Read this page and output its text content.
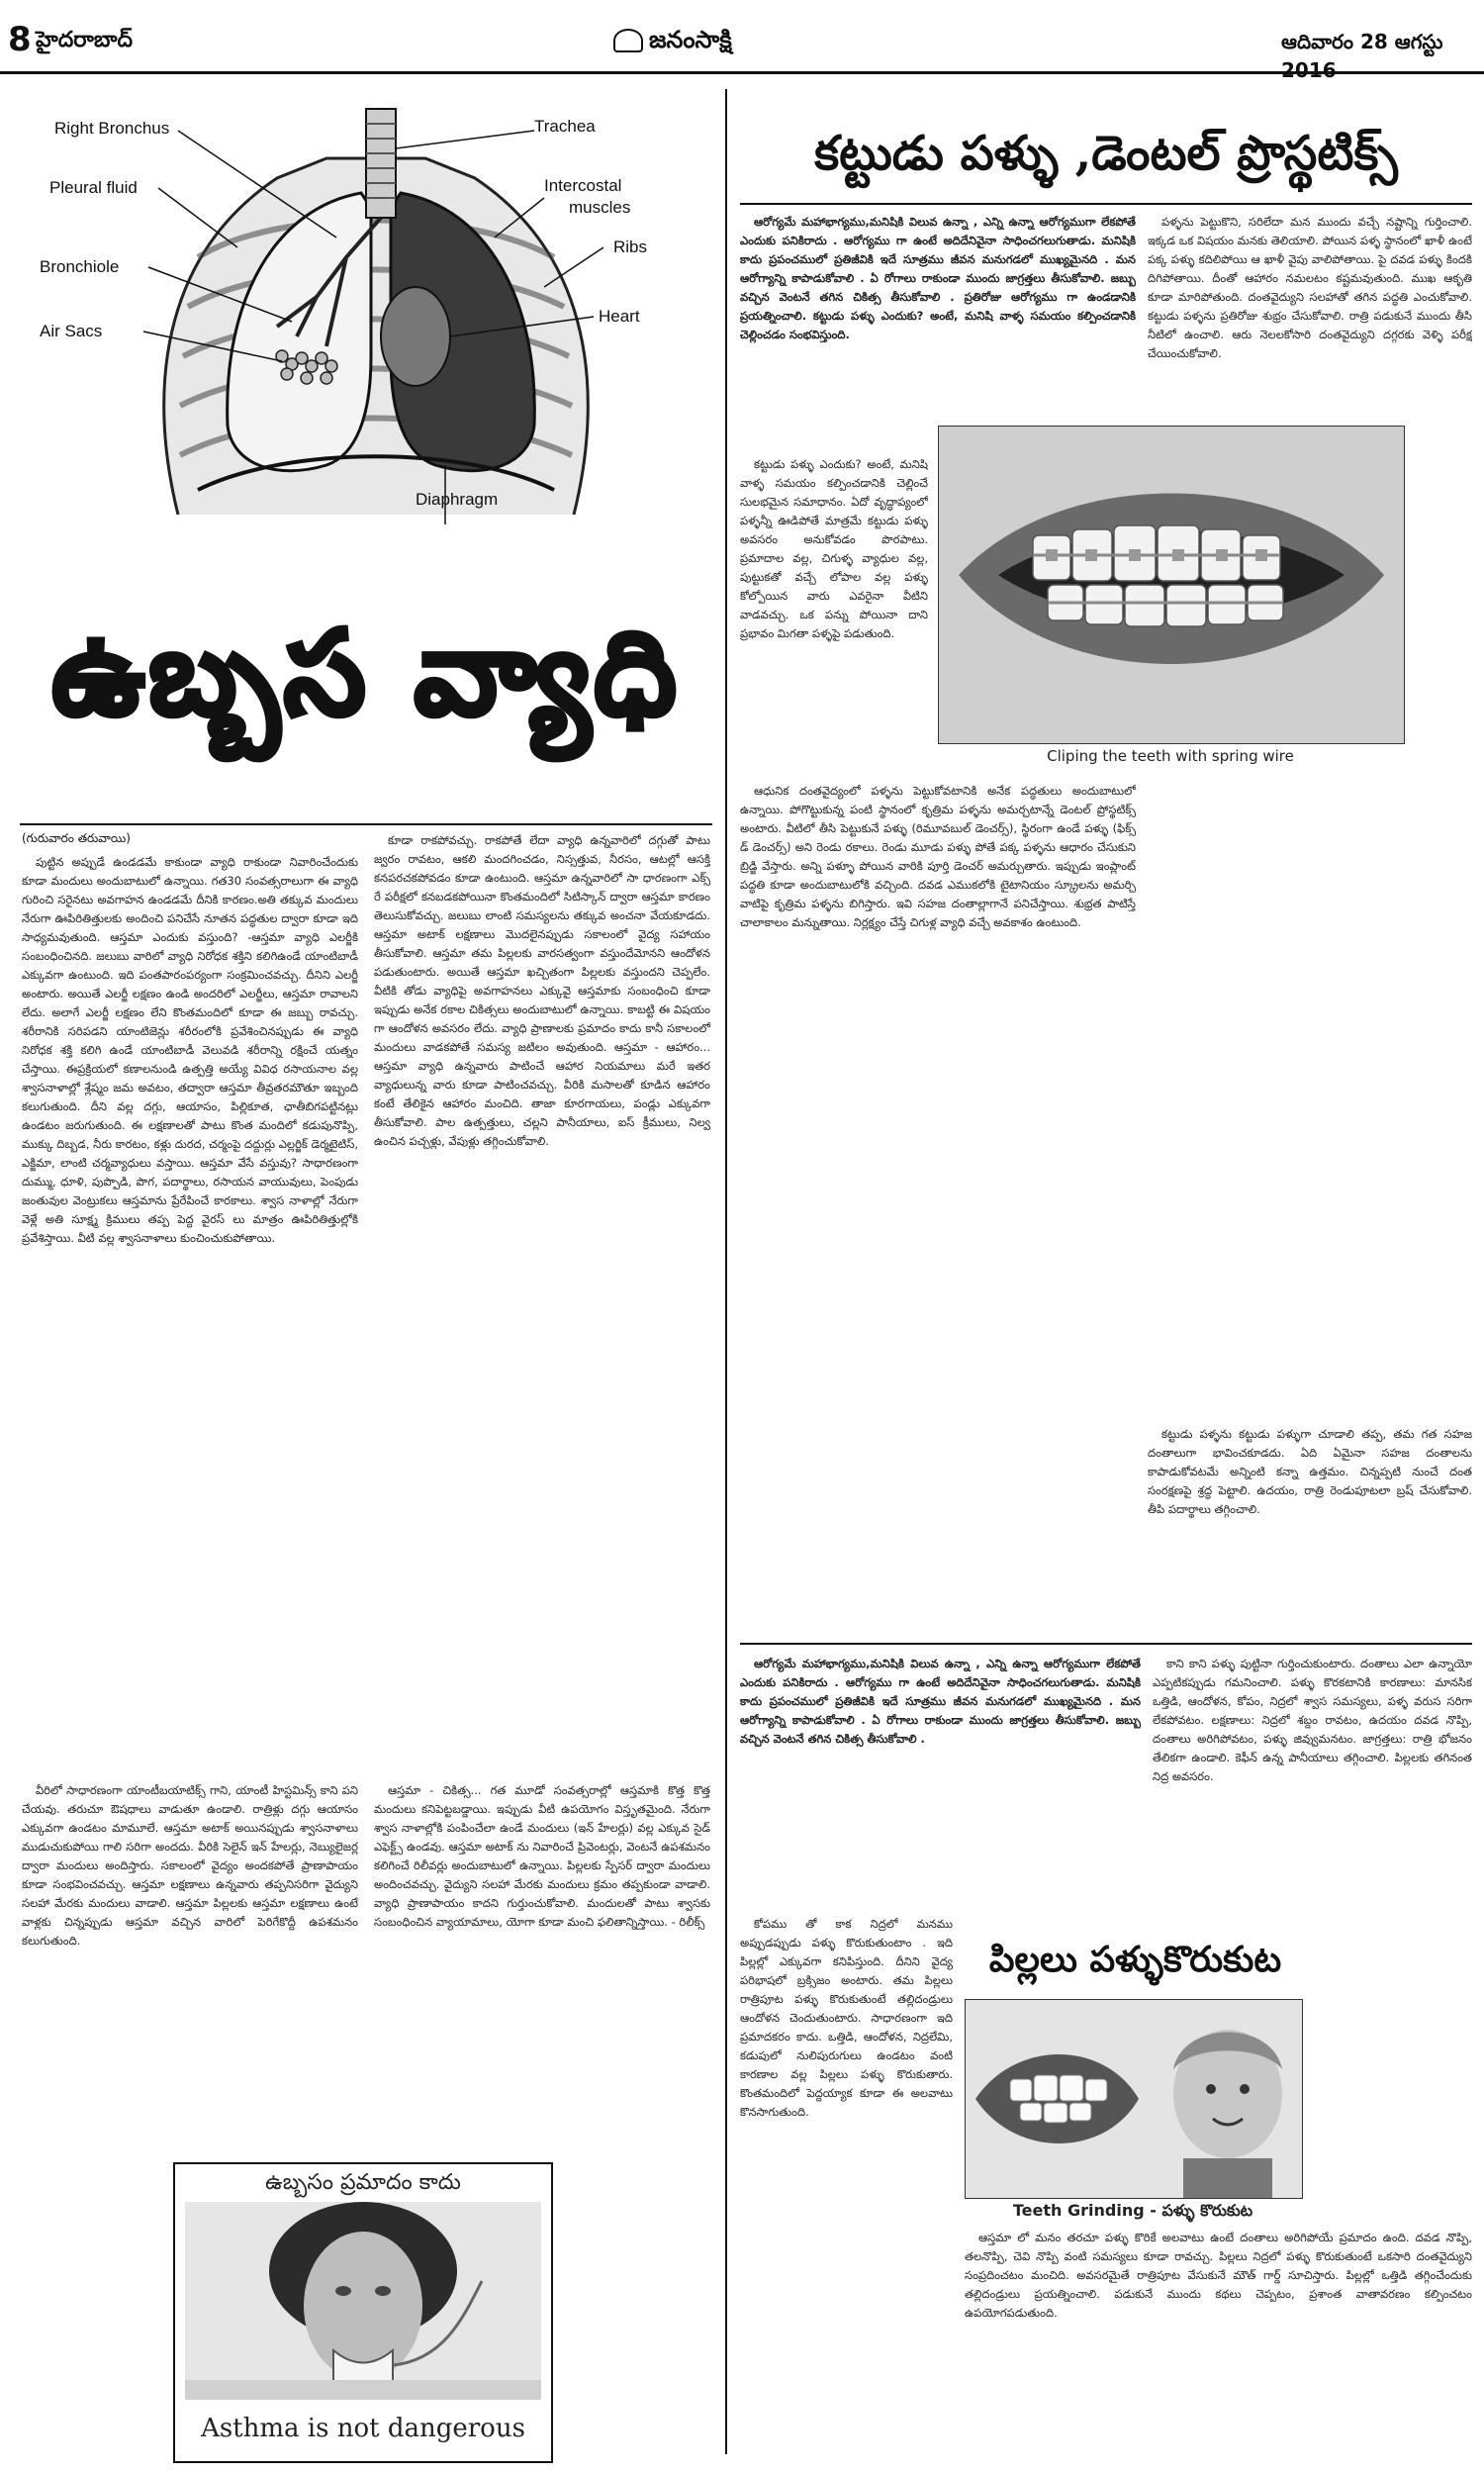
8 హైదరాబాద్	జనంసాక్షి	ఆదివారం 28 ఆగస్టు 2016
Right Bronchus	Trachea
Pleural fluid	Intercostal
muscles
Bronchiole
Ribs
Air Sacs
Heart
Diaphragm
ఉబ్బస వ్యాధి
(గురువారం తరువాయి)

పుట్టిన అప్పుడే ఉండడమే కాకుండా వ్యాధి రాకుండా నివారించేందుకు కూడా మందులు అందుబాటులో ఉన్నాయి. గత30 సంవత్సరాలుగా ఈ వ్యాధి గురించి సరైనటు అవగాహన ఉండడమే దీనికి కారణం.అతి తక్కువ మందులు నేరుగా ఊపిరితిత్తులకు అందించి పనిచేసే నూతన పద్ధతుల ద్వారా కూడా ఇది సాధ్యమవుతుంది. ఆస్తమా ఎందుకు వస్తుంది? -ఆస్తమా వ్యాధి ఎలర్జీకి సంబంధించినది. జలుబు వారిలో వ్యాధి నిరోధక శక్తిని కలిగిఉండే యాంటిబాడీ ఎక్కువగా ఉంటుంది. ఇది పంతపారంపర్యంగా సంక్రమించవచ్చు. దీనిని ఎలర్జీ అంటారు. అయితే ఎలర్జీ లక్షణం ఉండి అందరిలో ఎలర్జీలు, ఆస్తమా రావాలని లేదు. అలాగే ఎలర్జీ లక్షణం లేని కొంతమందిలో కూడా ఈ జబ్బు రావచ్చు. శరీరానికి సరిపడని యాంటిజెన్లు శరీరంలోకి ప్రవేశించినప్పుడు ఈ వ్యాధి నిరోధక శక్తి కలిగి ఉండే యాంటిబాడీ వెలువడి శరీరాన్ని రక్షించే యత్నం చేస్తాయి. ఈప్రక్రియలో కణాలనుండి ఉత్పత్తి అయ్యే వివిధ రసాయనాల వల్ల శ్వాసనాళాల్లో శ్లేష్మం జమ అవటం, తద్వారా ఆస్తమా తీవ్రతరమౌతూ ఇబ్బంది కలుగుతుంది. దీని వల్ల దగ్గు, ఆయాసం, పిల్లికూత, ఛాతీబిగపట్టినట్లు ఉండటం జరుగుతుంది. ఈ లక్షణాలతో పాటు కొంత మందిలో కడుపునొప్పి, ముక్కు దిబ్బడ, నీరు కారటం, కళ్లు దురద, చర్మంపై దద్దుర్లు ఎల్లర్జిక్ డెర్మటైటిస్, ఎక్జిమా, లాంటి చర్మవ్యాధులు వస్తాయి. ఆస్తమా వేసే వస్తువు? సాధారణంగా దుమ్ము, ధూళి, పుప్పొడి, పొగ, పదార్థాలు, రసాయన వాయువులు, పెంపుడు జంతువుల వెంట్రుకలు ఆస్తమాను ప్రేరేపించే కారకాలు. శ్వాస నాళాల్లో నేరుగా వెళ్లే అతి సూక్ష్మ క్రిములు తప్ప పెద్ద వైరస్ లు మాత్రం ఊపిరితిత్తుల్లోకి ప్రవేశిస్తాయి. వీటి వల్ల శ్వాసనాళాలు కుంచించుకుపోతాయి.

కూడా రాకపోవచ్చు. రాకపోతే లేదా వ్యాధి ఉన్నవారిలో దగ్గుతో పాటు జ్వరం రావటం, ఆకలి మందగించడం, నిస్సత్తువ, నీరసం, ఆటల్లో ఆసక్తి కనపరచకపోవడం కూడా ఉంటుంది. ఆస్తమా ఉన్నవారిలో సా ధారణంగా ఎక్స్ రే పరీక్షలో కనబడకపోయినా కొంతమందిలో సిటిస్కాన్ ద్వారా ఆస్తమా కారణం తెలుసుకోవచ్చు. జలుబు లాంటి సమస్యలను తక్కువ అంచనా వేయకూడదు. ఆస్తమా అటాక్ లక్షణాలు మొదలైనప్పుడు సకాలంలో వైద్య సహాయం తీసుకోవాలి. ఆస్తమా తమ పిల్లలకు వారసత్వంగా వస్తుందేమోనని ఆందోళన పడుతుంటారు. అయితే ఆస్తమా ఖచ్చితంగా పిల్లలకు వస్తుందని చెప్పలేం. వీటికి తోడు వ్యాధిపై అవగాహనలు ఎక్కువై ఆస్తమాకు సంబంధించి కూడా ఇప్పుడు అనేక రకాల చికిత్సలు అందుబాటులో ఉన్నాయి. కాబట్టి ఈ విషయం గా ఆందోళన అవసరం లేదు. వ్యాధి ప్రాణాలకు ప్రమాదం కాదు కానీ సకాలంలో మందులు వాడకపోతే సమస్య జటిలం అవుతుంది. ఆస్తమా - ఆహారం... ఆస్తమా వ్యాధి ఉన్నవారు పాటించే ఆహార నియమాలు మరే ఇతర వ్యాధులున్న వారు కూడా పాటించవచ్చు. వీరికి మసాలతో కూడిన ఆహారం కంటే తేలికైన ఆహారం మంచిది. తాజా కూరగాయలు, పండ్లు ఎక్కువగా తీసుకోవాలి. పాల ఉత్పత్తులు, చల్లని పానీయాలు, ఐస్ క్రీములు, నిల్వ ఉంచిన పచ్చళ్లు, వేపుళ్లు తగ్గించుకోవాలి.

వీరిలో సాధారణంగా యాంటీబయాటిక్స్ గాని, యాంటీ హిస్టమిన్స్ కాని పని చేయవు. తరుచూ ఔషధాలు వాడుతూ ఉండాలి. రాత్రిళ్లు దగ్గు ఆయాసం ఎక్కువగా ఉండటం మామూలే. ఆస్తమా అటాక్ అయినప్పుడు శ్వాసనాళాలు ముడుచుకుపోయి గాలి సరిగా అందదు. వీరికి సెలైన్ ఇన్ హేలర్లు, నెబ్యులైజర్ల ద్వారా మందులు అందిస్తారు. సకాలంలో వైద్యం అందకపోతే ప్రాణాపాయం కూడా సంభవించవచ్చు. ఆస్తమా లక్షణాలు ఉన్నవారు తప్పనిసరిగా వైద్యుని సలహా మేరకు మందులు వాడాలి. ఆస్తమా పిల్లలకు ఆస్తమా లక్షణాలు ఉంటే వాళ్లకు చిన్నప్పుడు ఆస్తమా వచ్చిన వారిలో పెరిగేకొద్దీ ఉపశమనం కలుగుతుంది.

ఆస్తమా - చికిత్స... గత మూడో సంవత్సరాల్లో ఆస్తమాకి కొత్త కొత్త మందులు కనిపెట్టబడ్డాయి. ఇప్పుడు వీటి ఉపయోగం విస్తృతమైంది. నేరుగా శ్వాస నాళాల్లోకి పంపించేలా ఉండే మందులు (ఇన్ హేలర్లు) వల్ల ఎక్కువ సైడ్ ఎఫెక్ట్స్ ఉండవు. ఆస్తమా అటాక్ ను నివారించే ప్రివెంటర్లు, వెంటనే ఉపశమనం కలిగించే రిలీవర్లు అందుబాటులో ఉన్నాయి. పిల్లలకు స్పేసర్ ద్వారా మందులు అందించవచ్చు. వైద్యుని సలహా మేరకు మందులు క్రమం తప్పకుండా వాడాలి. వ్యాధి ప్రాణాపాయం కాదని గుర్తుంచుకోవాలి. మందులతో పాటు శ్వాసకు సంబంధించిన వ్యాయామాలు, యోగా కూడా మంచి ఫలితాన్నిస్తాయి. - రిలీక్స్

ఉబ్బసం ప్రమాదం కాదు
Asthma is not dangerous
కట్టుడు పళ్ళు ,డెంటల్ ప్రొస్థటిక్స్

ఆరోగ్యమే మహాభాగ్యము,మనిషికి విలువ ఉన్నా , ఎన్ని ఉన్నా ఆరోగ్యముగా లేకపోతే ఎందుకు పనికిరాదు . ఆరోగ్యము గా ఉంటే అదిదేనివైనా సాధించగలుగుతాడు. మనిషికి కాదు ప్రపంచములో ప్రతిజీవికి ఇదే సూత్రము జీవన మనుగడలో ముఖ్యమైనది . మన ఆరోగ్యాన్ని కాపాడుకోవాలి . ఏ రోగాలు రాకుండా ముందు జాగ్రత్తలు తీసుకోవాలి. జబ్బు వచ్చిన వెంటనే తగిన చికిత్స తీసుకోవాలి . ప్రతిరోజు ఆరోగ్యము గా ఉండడానికి ప్రయత్నించాలి. కట్టుడు పళ్ళు ఎందుకు? అంటే, మనిషి వాళ్ళ సమయం కల్పించడానికి చెల్లించడం సంభవిస్తుంది.

పళ్ళను పెట్టుకొని, సరిలేదా మన ముందు వచ్చే నష్టాన్ని గుర్తించాలి. ఇక్కడ ఒక విషయం మనకు తెలియాలి. పోయిన పళ్ళ స్థానంలో ఖాళీ ఉంటే పక్క పళ్ళు కదిలిపోయి ఆ ఖాళీ వైపు వాలిపోతాయి. పై దవడ పళ్ళు కిందకి దిగిపోతాయి. దీంతో ఆహారం నమలటం కష్టమవుతుంది. ముఖ ఆకృతి కూడా మారిపోతుంది. దంతవైద్యుని సలహాతో తగిన పద్ధతి ఎంచుకోవాలి. కట్టుడు పళ్ళను ప్రతిరోజు శుభ్రం చేసుకోవాలి. రాత్రి పడుకునే ముందు తీసి నీటిలో ఉంచాలి. ఆరు నెలలకోసారి దంతవైద్యుని దగ్గరకు వెళ్ళి పరీక్ష చేయించుకోవాలి.

కట్టుడు పళ్ళు ఎందుకు? అంటే, మనిషి వాళ్ళ సమయం కల్పించడానికి చెల్లించే సులభమైన సమాధానం. ఏదో వృద్ధాప్యంలో పళ్ళన్నీ ఊడిపోతే మాత్రమే కట్టుడు పళ్ళు అవసరం అనుకోవడం పొరపాటు. ప్రమాదాల వల్ల, చిగుళ్ళ వ్యాధుల వల్ల, పుట్టుకతో వచ్చే లోపాల వల్ల పళ్ళు కోల్పోయిన వారు ఎవరైనా వీటిని వాడవచ్చు. ఒక పన్ను పోయినా దాని ప్రభావం మిగతా పళ్ళపై పడుతుంది.

Cliping the teeth with spring wire

ఆధునిక దంతవైద్యంలో పళ్ళను పెట్టుకోవటానికి అనేక పద్ధతులు అందుబాటులో ఉన్నాయి. పోగొట్టుకున్న పంటి స్థానంలో కృత్రిమ పళ్ళను అమర్చటాన్నే డెంటల్ ప్రోస్థటిక్స్ అంటారు. వీటిలో తీసి పెట్టుకునే పళ్ళు (రిమూవబుల్ డెంచర్స్), స్థిరంగా ఉండే పళ్ళు (ఫిక్స్ డ్ డెంచర్స్) అని రెండు రకాలు. రెండు మూడు పళ్ళు పోతే పక్క పళ్ళను ఆధారం చేసుకుని బ్రిడ్జి వేస్తారు. అన్ని పళ్ళూ పోయిన వారికి పూర్తి డెంచర్ అమర్చుతారు. ఇప్పుడు ఇంప్లాంట్ పద్ధతి కూడా అందుబాటులోకి వచ్చింది. దవడ ఎముకలోకి టైటానియం స్క్రూలను అమర్చి వాటిపై కృత్రిమ పళ్ళను బిగిస్తారు. ఇవి సహజ దంతాల్లాగానే పనిచేస్తాయి. శుభ్రత పాటిస్తే చాలాకాలం మన్నుతాయి. నిర్లక్ష్యం చేస్తే చిగుళ్ల వ్యాధి వచ్చే అవకాశం ఉంటుంది.

కట్టుడు పళ్ళను కట్టుడు పళ్ళుగా చూడాలి తప్ప, తమ గత సహజ దంతాలుగా భావించకూడదు. ఏది ఏమైనా సహజ దంతాలను కాపాడుకోవటమే అన్నింటి కన్నా ఉత్తమం. చిన్నప్పటి నుంచే దంత సంరక్షణపై శ్రద్ధ పెట్టాలి. ఉదయం, రాత్రి రెండుపూటలా బ్రష్ చేసుకోవాలి. తీపి పదార్థాలు తగ్గించాలి.

ఆరోగ్యమే మహాభాగ్యము,మనిషికి విలువ ఉన్నా , ఎన్ని ఉన్నా ఆరోగ్యముగా లేకపోతే ఎందుకు పనికిరాదు . ఆరోగ్యము గా ఉంటే అదిదేనివైనా సాధించగలుగుతాడు. మనిషికి కాదు ప్రపంచములో ప్రతిజీవికి ఇదే సూత్రము జీవన మనుగడలో ముఖ్యమైనది . మన ఆరోగ్యాన్ని కాపాడుకోవాలి . ఏ రోగాలు రాకుండా ముందు జాగ్రత్తలు తీసుకోవాలి. జబ్బు వచ్చిన వెంటనే తగిన చికిత్స తీసుకోవాలి .

కాని కాని పళ్ళు పుట్టినా గుర్తించుకుంటారు. దంతాలు ఎలా ఉన్నాయో ఎప్పటికప్పుడు గమనించాలి. పళ్ళు కొరకటానికి కారణాలు: మానసిక ఒత్తిడి, ఆందోళన, కోపం, నిద్రలో శ్వాస సమస్యలు, పళ్ళ వరుస సరిగా లేకపోవటం. లక్షణాలు: నిద్రలో శబ్దం రావటం, ఉదయం దవడ నొప్పి, దంతాలు అరిగిపోవటం, పళ్ళు జివ్వుమనటం. జాగ్రత్తలు: రాత్రి భోజనం తేలికగా ఉండాలి. కెఫీన్ ఉన్న పానీయాలు తగ్గించాలి. పిల్లలకు తగినంత నిద్ర అవసరం.

కోపము తో కాక నిద్రలో మనము అప్పుడప్పుడు పళ్ళు కొరుకుతుంటాం . ఇది పిల్లల్లో ఎక్కువగా కనిపిస్తుంది. దీనిని వైద్య పరిభాషలో బ్రక్సిజం అంటారు. తమ పిల్లలు రాత్రిపూట పళ్ళు కొరుకుతుంటే తల్లిదండ్రులు ఆందోళన చెందుతుంటారు. సాధారణంగా ఇది ప్రమాదకరం కాదు. ఒత్తిడి, ఆందోళన, నిద్రలేమి, కడుపులో నులిపురుగులు ఉండటం వంటి కారణాల వల్ల పిల్లలు పళ్ళు కొరుకుతారు. కొంతమందిలో పెద్దయ్యాక కూడా ఈ అలవాటు కొనసాగుతుంది.

పిల్లలు పళ్ళుకొరుకుట
Teeth Grinding - పళ్ళు కొరుకుట

ఆస్తమా లో మనం తరచూ పళ్ళు కొరికే అలవాటు ఉంటే దంతాలు అరిగిపోయే ప్రమాదం ఉంది. దవడ నొప్పి, తలనొప్పి, చెవి నొప్పి వంటి సమస్యలు కూడా రావచ్చు. పిల్లలు నిద్రలో పళ్ళు కొరుకుతుంటే ఒకసారి దంతవైద్యుని సంప్రదించటం మంచిది. అవసరమైతే రాత్రిపూట వేసుకునే మౌత్ గార్డ్ సూచిస్తారు. పిల్లల్లో ఒత్తిడి తగ్గించేందుకు తల్లిదండ్రులు ప్రయత్నించాలి. పడుకునే ముందు కథలు చెప్పటం, ప్రశాంత వాతావరణం కల్పించటం ఉపయోగపడుతుంది.
